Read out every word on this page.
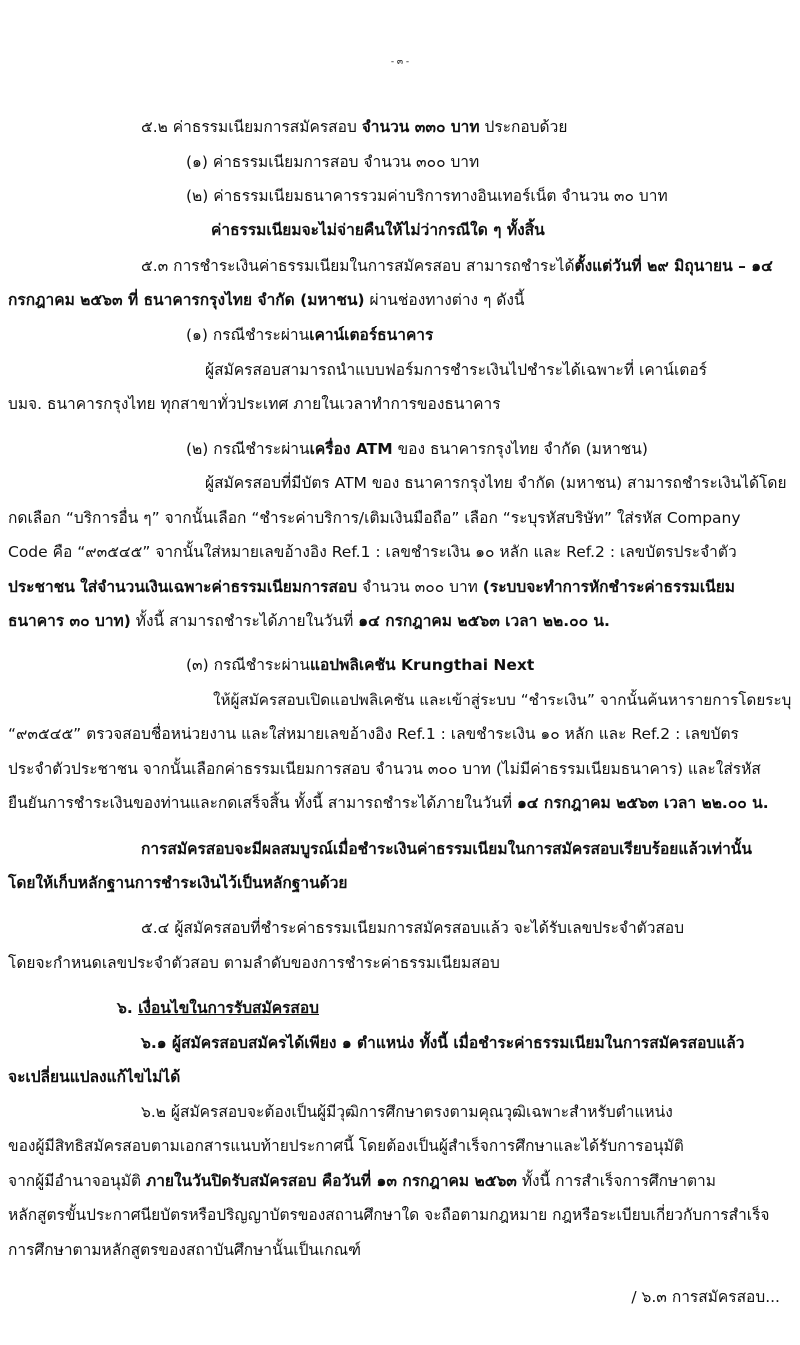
- ๓ -
๕.๒ ค่าธรรมเนียมการสมัครสอบ จำนวน ๓๓๐ บาท ประกอบด้วย
(๑) ค่าธรรมเนียมการสอบ จำนวน ๓๐๐ บาท
(๒) ค่าธรรมเนียมธนาคารรวมค่าบริการทางอินเทอร์เน็ต จำนวน ๓๐ บาท
ค่าธรรมเนียมจะไม่จ่ายคืนให้ไม่ว่ากรณีใด ๆ ทั้งสิ้น
๕.๓ การชำระเงินค่าธรรมเนียมในการสมัครสอบ สามารถชำระได้ตั้งแต่วันที่ ๒๙ มิถุนายน – ๑๔
กรกฎาคม ๒๕๖๓ ที่ ธนาคารกรุงไทย จำกัด (มหาชน) ผ่านช่องทางต่าง ๆ ดังนี้
(๑) กรณีชำระผ่านเคาน์เตอร์ธนาคาร
ผู้สมัครสอบสามารถนำแบบฟอร์มการชำระเงินไปชำระได้เฉพาะที่ เคาน์เตอร์
บมจ. ธนาคารกรุงไทย ทุกสาขาทั่วประเทศ ภายในเวลาทำการของธนาคาร
(๒) กรณีชำระผ่านเครื่อง ATM ของ ธนาคารกรุงไทย จำกัด (มหาชน)
ผู้สมัครสอบที่มีบัตร ATM ของ ธนาคารกรุงไทย จำกัด (มหาชน) สามารถชำระเงินได้โดย
กดเลือก “บริการอื่น ๆ” จากนั้นเลือก “ชำระค่าบริการ/เติมเงินมือถือ” เลือก “ระบุรหัสบริษัท” ใส่รหัส Company
Code คือ “๙๓๕๔๕” จากนั้นใส่หมายเลขอ้างอิง Ref.1 : เลขชำระเงิน ๑๐ หลัก และ Ref.2 : เลขบัตรประจำตัว
ประชาชน ใส่จำนวนเงินเฉพาะค่าธรรมเนียมการสอบ จำนวน ๓๐๐ บาท (ระบบจะทำการหักชำระค่าธรรมเนียม
ธนาคาร ๓๐ บาท) ทั้งนี้ สามารถชำระได้ภายในวันที่ ๑๔ กรกฎาคม ๒๕๖๓ เวลา ๒๒.๐๐ น.
(๓) กรณีชำระผ่านแอปพลิเคชัน Krungthai Next
ให้ผู้สมัครสอบเปิดแอปพลิเคชัน และเข้าสู่ระบบ “ชำระเงิน” จากนั้นค้นหารายการโดยระบุ
“๙๓๕๔๕” ตรวจสอบชื่อหน่วยงาน และใส่หมายเลขอ้างอิง Ref.1 : เลขชำระเงิน ๑๐ หลัก และ Ref.2 : เลขบัตร
ประจำตัวประชาชน จากนั้นเลือกค่าธรรมเนียมการสอบ จำนวน ๓๐๐ บาท (ไม่มีค่าธรรมเนียมธนาคาร) และใส่รหัส
ยืนยันการชำระเงินของท่านและกดเสร็จสิ้น ทั้งนี้ สามารถชำระได้ภายในวันที่ ๑๔ กรกฎาคม ๒๕๖๓ เวลา ๒๒.๐๐ น.
การสมัครสอบจะมีผลสมบูรณ์เมื่อชำระเงินค่าธรรมเนียมในการสมัครสอบเรียบร้อยแล้วเท่านั้น
โดยให้เก็บหลักฐานการชำระเงินไว้เป็นหลักฐานด้วย
๕.๔ ผู้สมัครสอบที่ชำระค่าธรรมเนียมการสมัครสอบแล้ว จะได้รับเลขประจำตัวสอบ
โดยจะกำหนดเลขประจำตัวสอบ ตามลำดับของการชำระค่าธรรมเนียมสอบ
๖. เงื่อนไขในการรับสมัครสอบ
๖.๑ ผู้สมัครสอบสมัครได้เพียง ๑ ตำแหน่ง ทั้งนี้ เมื่อชำระค่าธรรมเนียมในการสมัครสอบแล้ว
จะเปลี่ยนแปลงแก้ไขไม่ได้
๖.๒ ผู้สมัครสอบจะต้องเป็นผู้มีวุฒิการศึกษาตรงตามคุณวุฒิเฉพาะสำหรับตำแหน่ง
ของผู้มีสิทธิสมัครสอบตามเอกสารแนบท้ายประกาศนี้ โดยต้องเป็นผู้สำเร็จการศึกษาและได้รับการอนุมัติ
จากผู้มีอำนาจอนุมัติ ภายในวันปิดรับสมัครสอบ คือวันที่ ๑๓ กรกฎาคม ๒๕๖๓ ทั้งนี้ การสำเร็จการศึกษาตาม
หลักสูตรขั้นประกาศนียบัตรหรือปริญญาบัตรของสถานศึกษาใด จะถือตามกฎหมาย กฎหรือระเบียบเกี่ยวกับการสำเร็จ
การศึกษาตามหลักสูตรของสถาบันศึกษานั้นเป็นเกณฑ์
/ ๖.๓ การสมัครสอบ...
